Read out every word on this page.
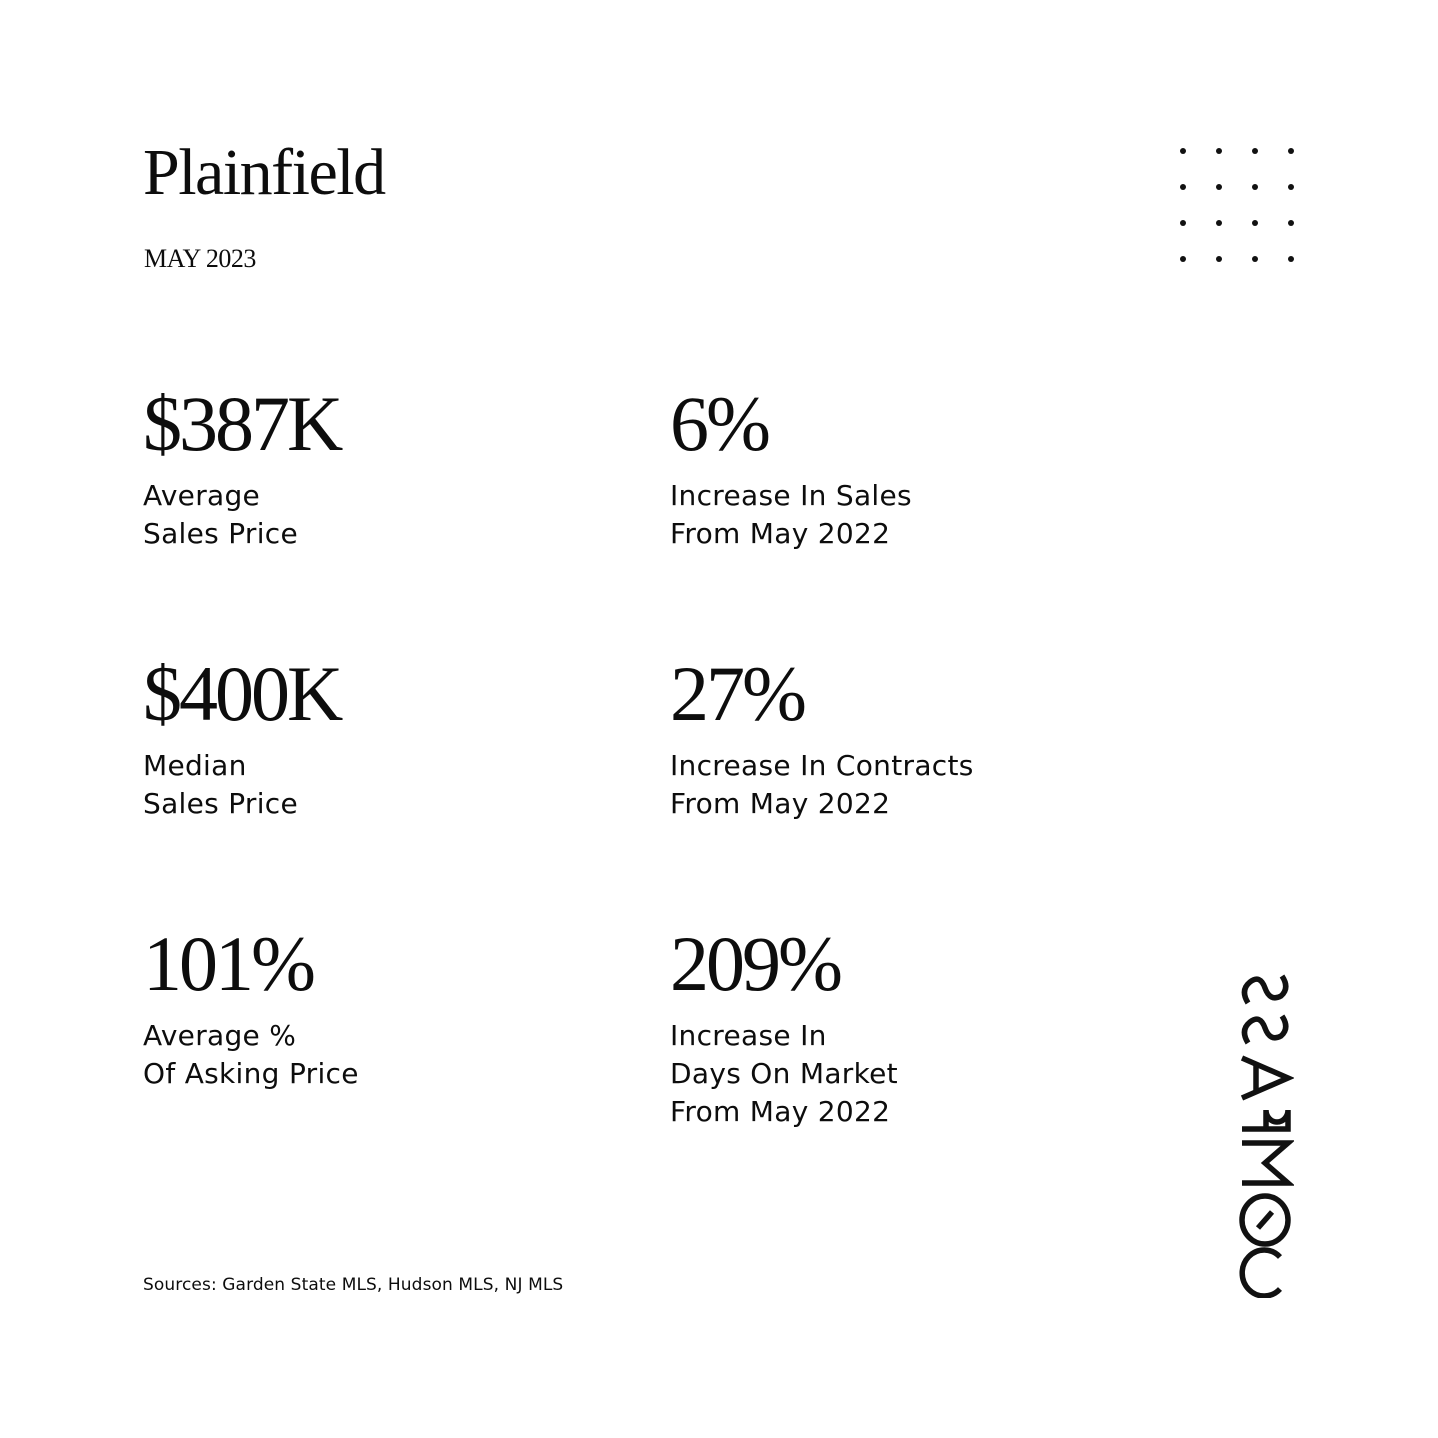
Plainfield
MAY 2023
$387K
Average
Sales Price
6%
Increase In Sales
From May 2022
$400K
Median
Sales Price
27%
Increase In Contracts
From May 2022
101%
Average %
Of Asking Price
209%
Increase In
Days On Market
From May 2022
Sources: Garden State MLS, Hudson MLS, NJ MLS
